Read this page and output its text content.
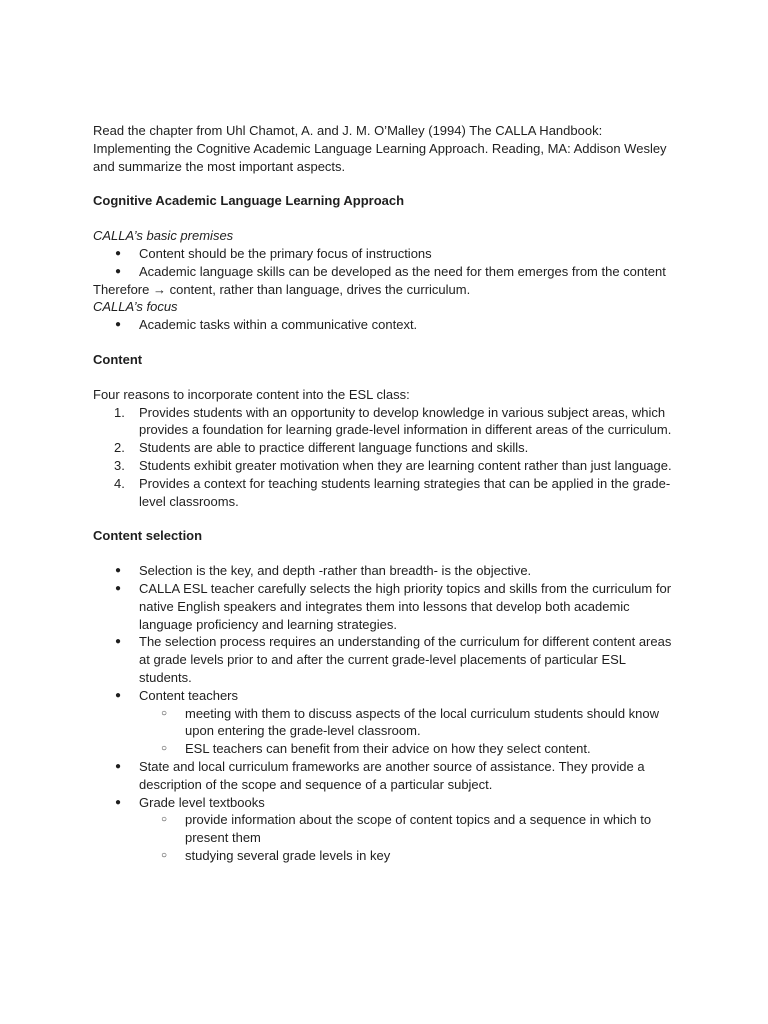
Read the chapter from Uhl Chamot, A. and J. M. O’Malley (1994) The CALLA Handbook: Implementing the Cognitive Academic Language Learning Approach. Reading, MA: Addison Wesley and summarize the most important aspects.

Cognitive Academic Language Learning Approach

CALLA’s basic premises

● Content should be the primary focus of instructions
● Academic language skills can be developed as the need for them emerges from the content

Therefore → content, rather than language, drives the curriculum.

CALLA’s focus

● Academic tasks within a communicative context.

Content

Four reasons to incorporate content into the ESL class:

1. Provides students with an opportunity to develop knowledge in various subject areas, which provides a foundation for learning grade-level information in different areas of the curriculum.
2. Students are able to practice different language functions and skills.
3. Students exhibit greater motivation when they are learning content rather than just language.
4. Provides a context for teaching students learning strategies that can be applied in the grade-level classrooms.

Content selection

● Selection is the key, and depth -rather than breadth- is the objective.
● CALLA ESL teacher carefully selects the high priority topics and skills from the curriculum for native English speakers and integrates them into lessons that develop both academic language proficiency and learning strategies.
● The selection process requires an understanding of the curriculum for different content areas at grade levels prior to and after the current grade-level placements of particular ESL students.
● Content teachers
○ meeting with them to discuss aspects of the local curriculum students should know upon entering the grade-level classroom.
○ ESL teachers can benefit from their advice on how they select content.
● State and local curriculum frameworks are another source of assistance. They provide a description of the scope and sequence of a particular subject.
● Grade level textbooks
○ provide information about the scope of content topics and a sequence in which to present them
○ studying several grade levels in key
